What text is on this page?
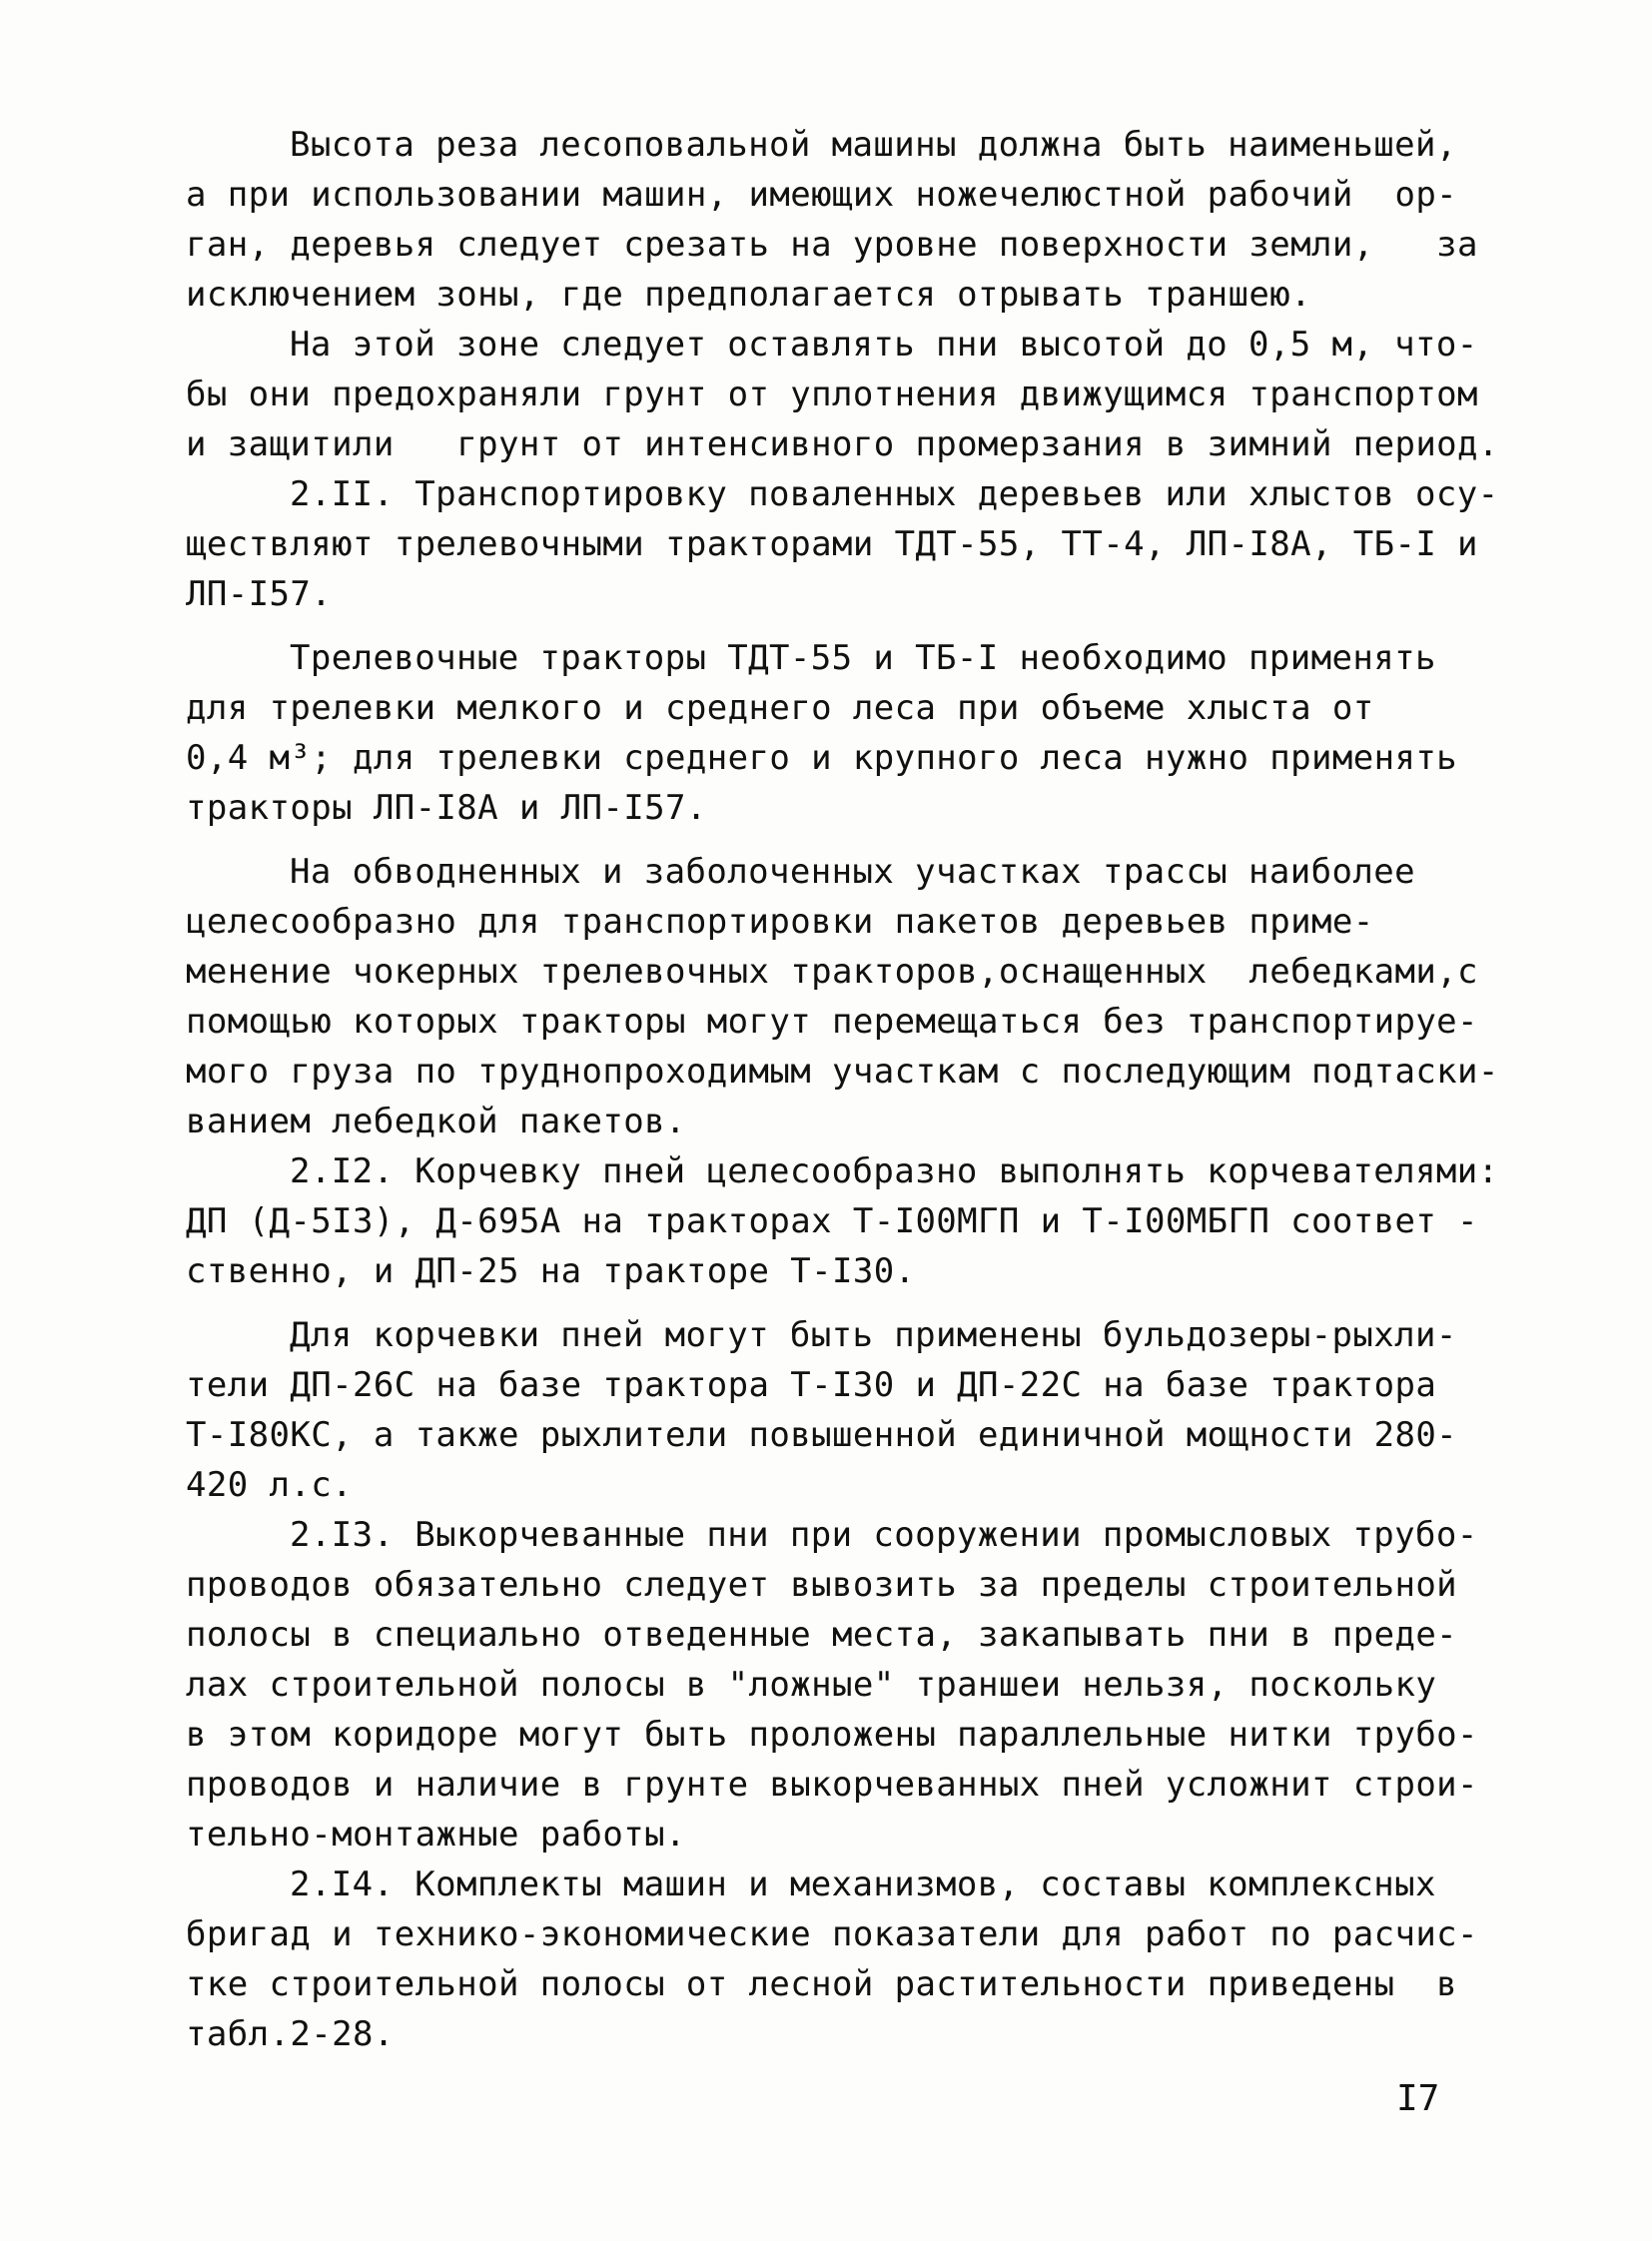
Высота реза лесоповальной машины должна быть наименьшей,
а при использовании машин, имеющих ножечелюстной рабочий  ор-
ган, деревья следует срезать на уровне поверхности земли,   за
исключением зоны, где предполагается отрывать траншею.
На этой зоне следует оставлять пни высотой до 0,5 м, что-
бы они предохраняли грунт от уплотнения движущимся транспортом
и защитили   грунт от интенсивного промерзания в зимний период.
2.II. Транспортировку поваленных деревьев или хлыстов осу-
ществляют трелевочными тракторами ТДТ-55, ТТ-4, ЛП-I8А, ТБ-I и
ЛП-I57.
Трелевочные тракторы ТДТ-55 и ТБ-I необходимо применять
для трелевки мелкого и среднего леса при объеме хлыста от
0,4 м³; для трелевки среднего и крупного леса нужно применять
тракторы ЛП-I8А и ЛП-I57.
На обводненных и заболоченных участках трассы наиболее
целесообразно для транспортировки пакетов деревьев приме-
менение чокерных трелевочных тракторов,оснащенных  лебедками,с
помощью которых тракторы могут перемещаться без транспортируе-
мого груза по труднопроходимым участкам с последующим подтаски-
ванием лебедкой пакетов.
2.I2. Корчевку пней целесообразно выполнять корчевателями:
ДП (Д-5I3), Д-695А на тракторах Т-I00МГП и Т-I00МБГП соответ -
ственно, и ДП-25 на тракторе Т-I30.
Для корчевки пней могут быть применены бульдозеры-рыхли-
тели ДП-26С на базе трактора Т-I30 и ДП-22С на базе трактора
Т-I80КС, а также рыхлители повышенной единичной мощности 280-
420 л.с.
2.I3. Выкорчеванные пни при сооружении промысловых трубо-
проводов обязательно следует вывозить за пределы строительной
полосы в специально отведенные места, закапывать пни в преде-
лах строительной полосы в "ложные" траншеи нельзя, поскольку
в этом коридоре могут быть проложены параллельные нитки трубо-
проводов и наличие в грунте выкорчеванных пней усложнит строи-
тельно-монтажные работы.
2.I4. Комплекты машин и механизмов, составы комплексных
бригад и технико-экономические показатели для работ по расчис-
тке строительной полосы от лесной растительности приведены  в
табл.2-28.
I7
